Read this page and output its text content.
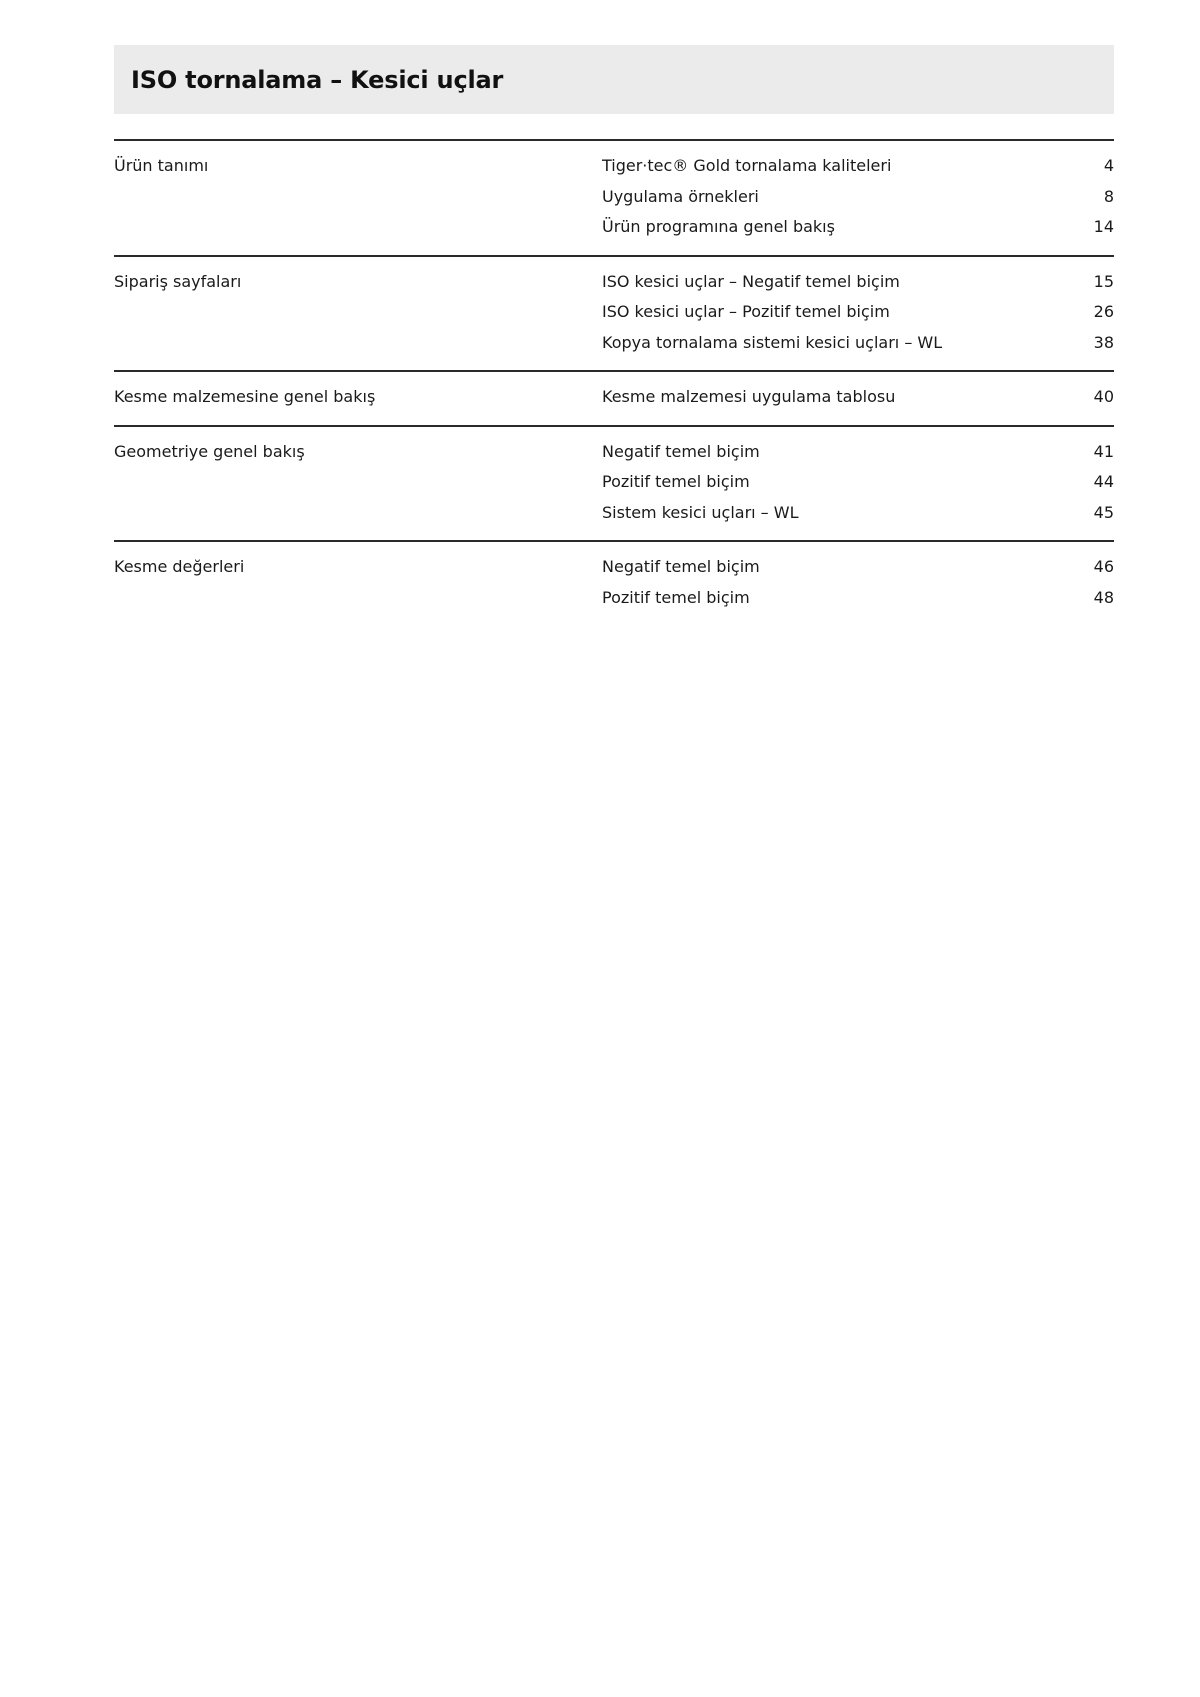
ISO tornalama – Kesici uçlar
Ürün tanımı	Tiger·tec® Gold tornalama kaliteleri	4
Uygulama örnekleri	8
Ürün programına genel bakış	14
Sipariş sayfaları	ISO kesici uçlar – Negatif temel biçim	15
ISO kesici uçlar – Pozitif temel biçim	26
Kopya tornalama sistemi kesici uçları – WL	38
Kesme malzemesine genel bakış	Kesme malzemesi uygulama tablosu	40
Geometriye genel bakış	Negatif temel biçim	41
Pozitif temel biçim	44
Sistem kesici uçları – WL	45
Kesme değerleri	Negatif temel biçim	46
Pozitif temel biçim	48
